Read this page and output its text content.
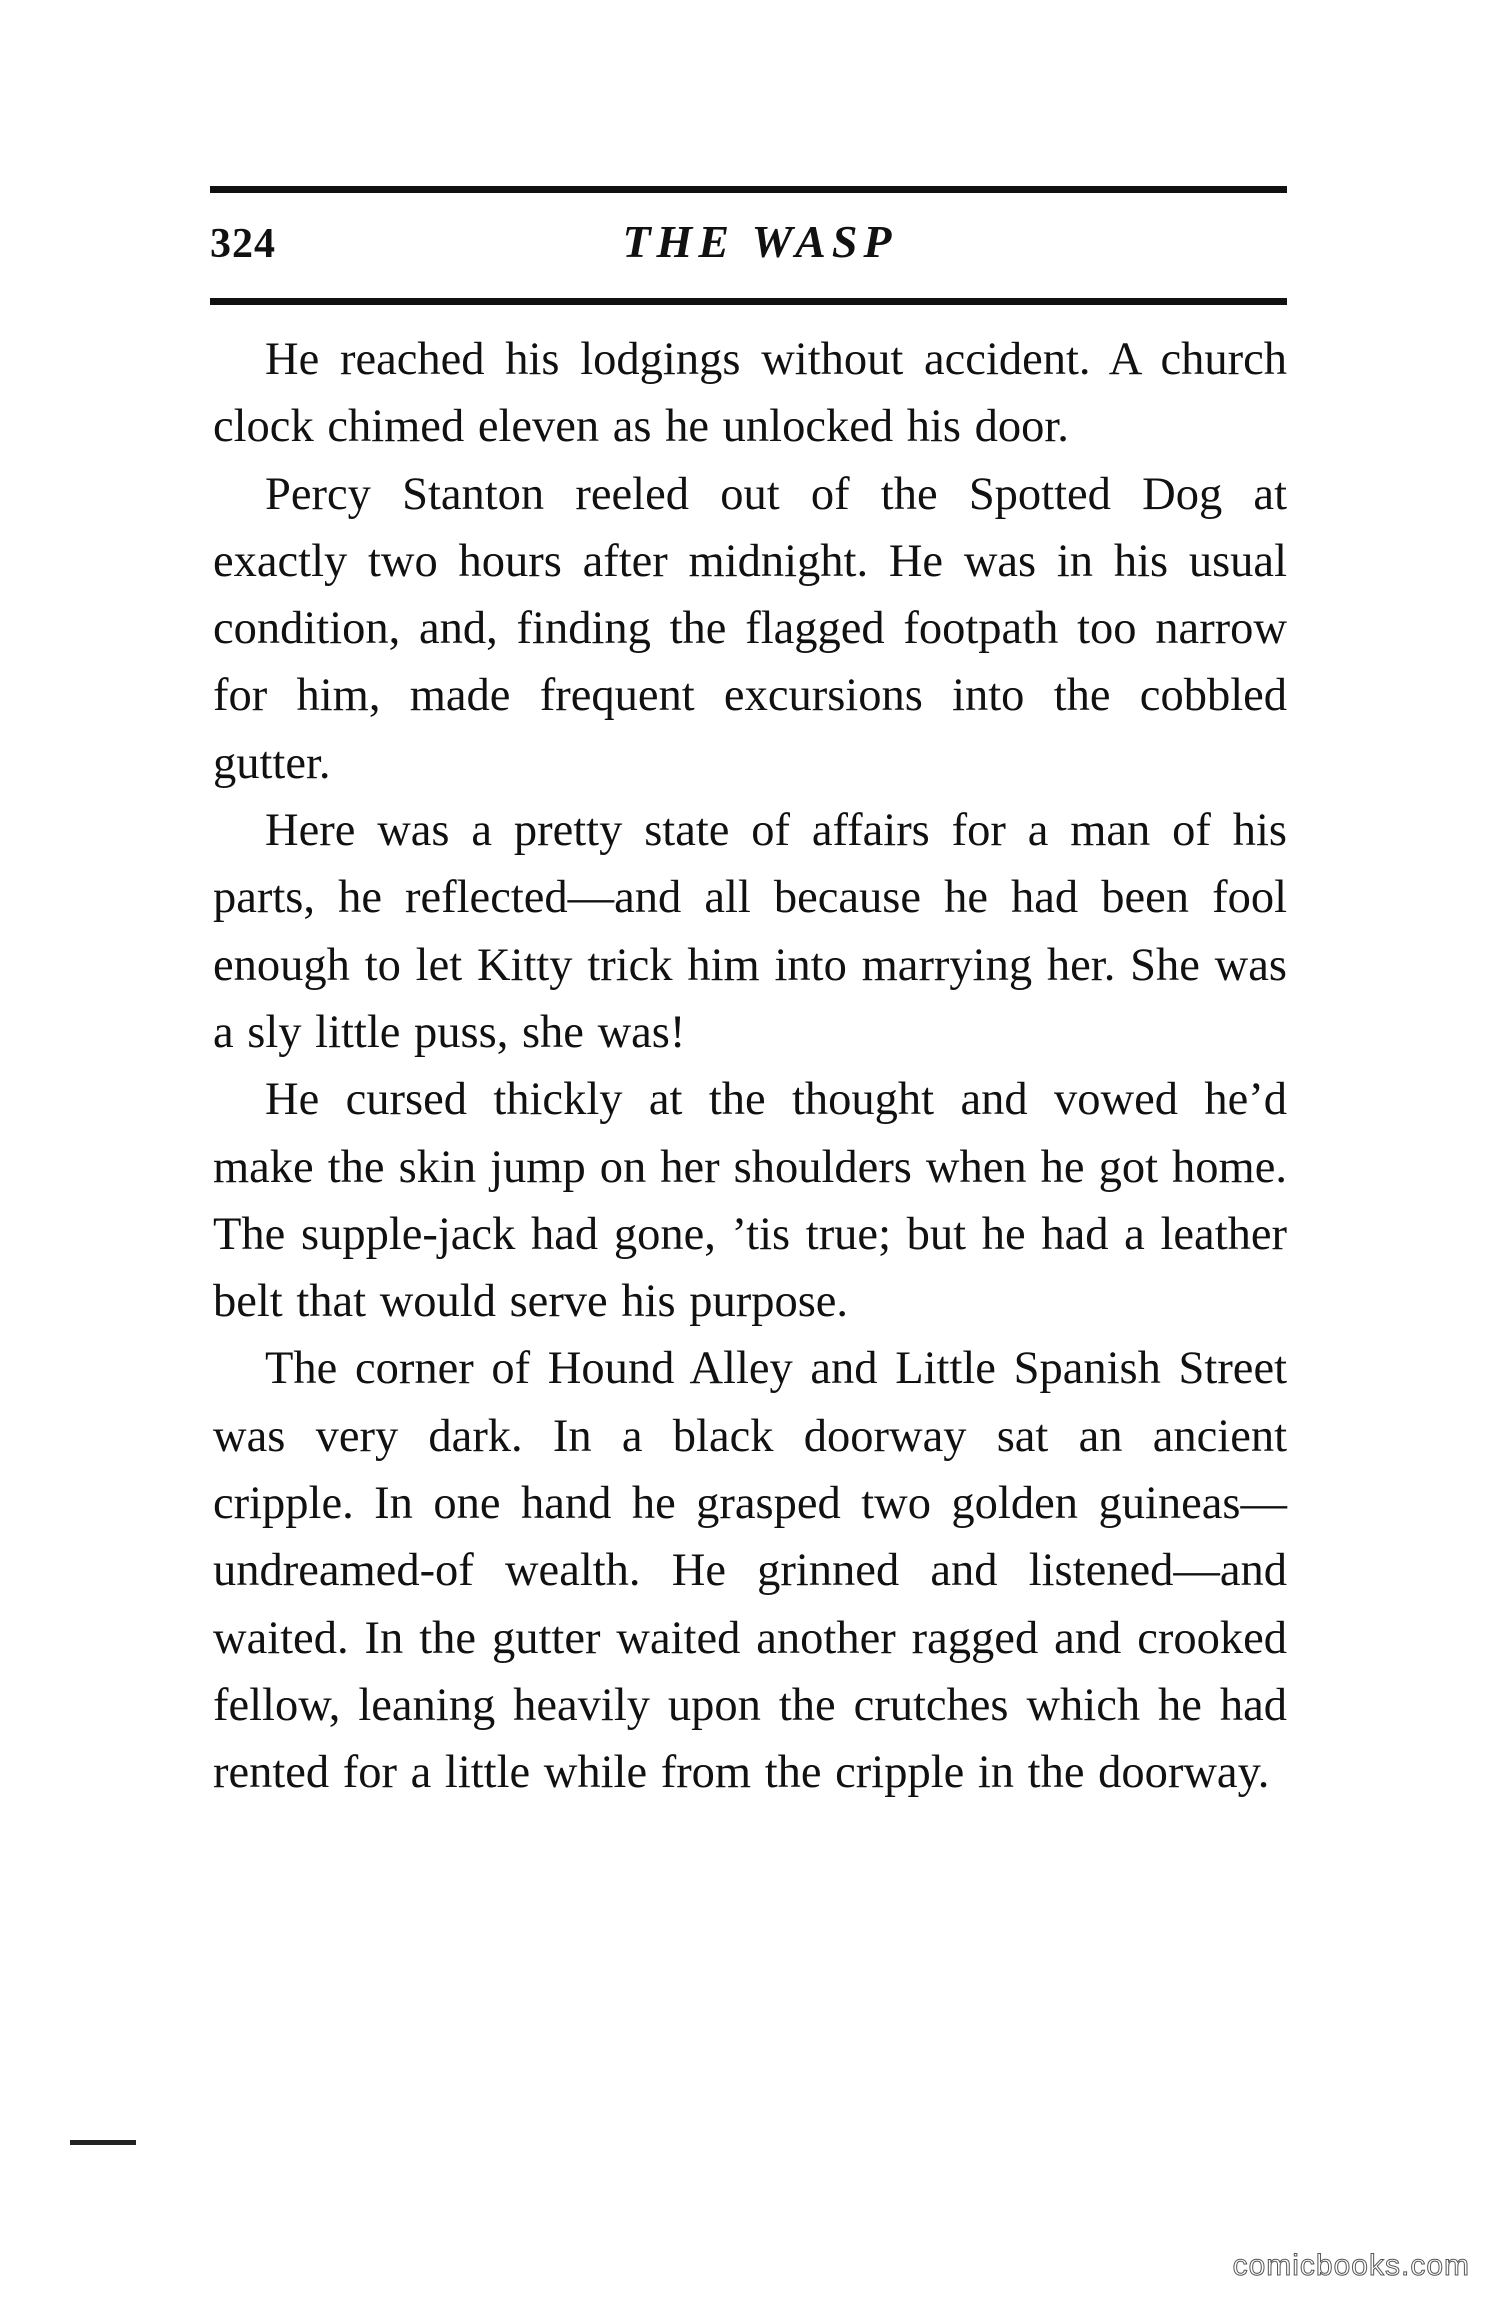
324	THE WASP

He reached his lodgings without accident. A church clock chimed eleven as he unlocked his door.

Percy Stanton reeled out of the Spotted Dog at exactly two hours after midnight. He was in his usual condition, and, finding the flagged footpath too narrow for him, made frequent excursions into the cobbled gutter.

Here was a pretty state of affairs for a man of his parts, he reflected—and all because he had been fool enough to let Kitty trick him into marrying her. She was a sly little puss, she was!

He cursed thickly at the thought and vowed he’d make the skin jump on her shoulders when he got home. The supple-jack had gone, ’tis true; but he had a leather belt that would serve his purpose.

The corner of Hound Alley and Little Spanish Street was very dark. In a black doorway sat an ancient cripple. In one hand he grasped two golden guineas—undreamed-of wealth. He grinned and listened—and waited. In the gutter waited another ragged and crooked fellow, leaning heavily upon the crutches which he had rented for a little while from the cripple in the doorway.

comicbooks.com
